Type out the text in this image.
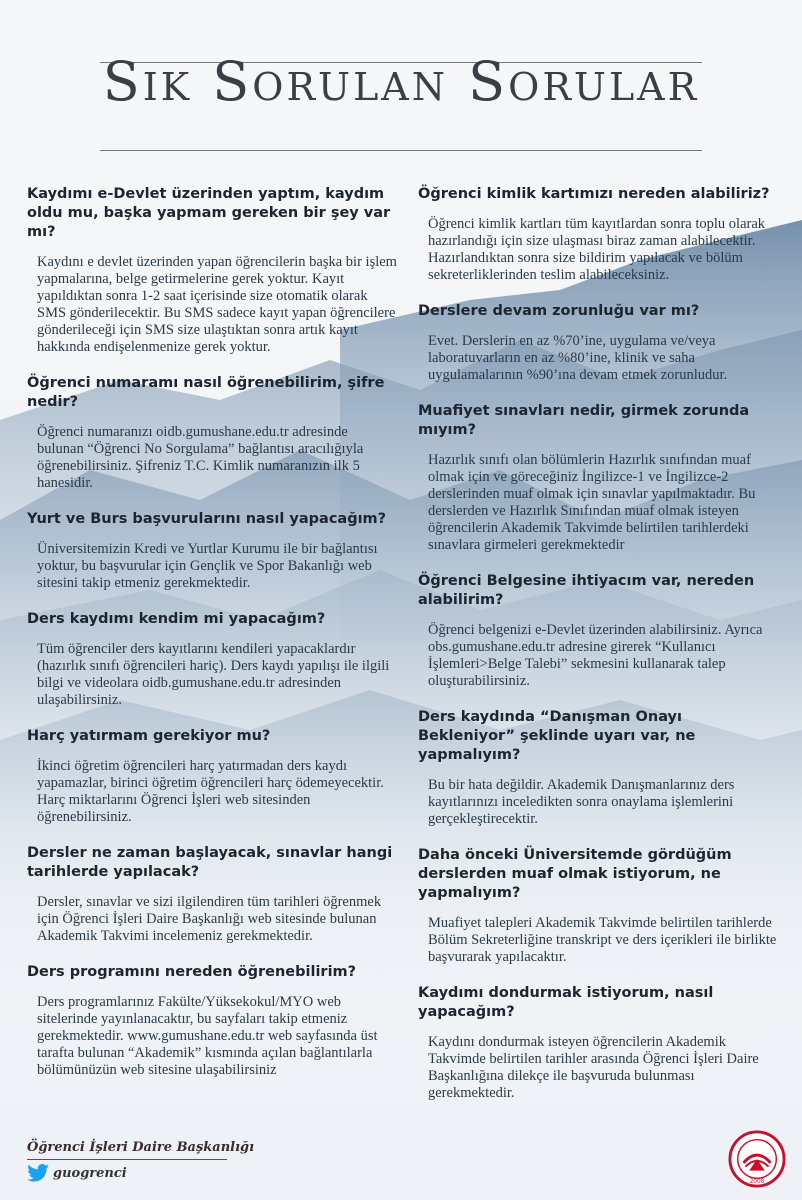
Sık Sorulan Sorular

Kaydımı e-Devlet üzerinden yaptım, kaydım oldu mu, başka yapmam gereken bir şey var mı?

Kaydını e devlet üzerinden yapan öğrencilerin başka bir işlem yapmalarına, belge getirmelerine gerek yoktur. Kayıt yapıldıktan sonra 1-2 saat içerisinde size otomatik olarak SMS gönderilecektir. Bu SMS sadece kayıt yapan öğrencilere gönderileceği için SMS size ulaştıktan sonra artık kayıt hakkında endişelenmenize gerek yoktur.

Öğrenci numaramı nasıl öğrenebilirim, şifre nedir?

Öğrenci numaranızı oidb.gumushane.edu.tr adresinde bulunan “Öğrenci No Sorgulama” bağlantısı aracılığıyla öğrenebilirsiniz. Şifreniz T.C. Kimlik numaranızın ilk 5 hanesidir.

Yurt ve Burs başvurularını nasıl yapacağım?

Üniversitemizin Kredi ve Yurtlar Kurumu ile bir bağlantısı yoktur, bu başvurular için Gençlik ve Spor Bakanlığı web sitesini takip etmeniz gerekmektedir.

Ders kaydımı kendim mi yapacağım?

Tüm öğrenciler ders kayıtlarını kendileri yapacaklardır (hazırlık sınıfı öğrencileri hariç). Ders kaydı yapılışı ile ilgili bilgi ve videolara oidb.gumushane.edu.tr adresinden ulaşabilirsiniz.

Harç yatırmam gerekiyor mu?

İkinci öğretim öğrencileri harç yatırmadan ders kaydı yapamazlar, birinci öğretim öğrencileri harç ödemeyecektir. Harç miktarlarını Öğrenci İşleri web sitesinden öğrenebilirsiniz.

Dersler ne zaman başlayacak, sınavlar hangi tarihlerde yapılacak?

Dersler, sınavlar ve sizi ilgilendiren tüm tarihleri öğrenmek için Öğrenci İşleri Daire Başkanlığı web sitesinde bulunan Akademik Takvimi incelemeniz gerekmektedir.

Ders programını nereden öğrenebilirim?

Ders programlarınız Fakülte/Yüksekokul/MYO web sitelerinde yayınlanacaktır, bu sayfaları takip etmeniz gerekmektedir. www.gumushane.edu.tr web sayfasında üst tarafta bulunan “Akademik” kısmında açılan bağlantılarla bölümünüzün web sitesine ulaşabilirsiniz

Öğrenci kimlik kartımızı nereden alabiliriz?

Öğrenci kimlik kartları tüm kayıtlardan sonra toplu olarak hazırlandığı için size ulaşması biraz zaman alabilecektir. Hazırlandıktan sonra size bildirim yapılacak ve bölüm sekreterliklerinden teslim alabileceksiniz.

Derslere devam zorunluğu var mı?

Evet. Derslerin en az %70’ine, uygulama ve/veya laboratuvarların en az %80’ine, klinik ve saha uygulamalarının %90’ına devam etmek zorunludur.

Muafiyet sınavları nedir, girmek zorunda mıyım?

Hazırlık sınıfı olan bölümlerin Hazırlık sınıfından muaf olmak için ve göreceğiniz İngilizce-1 ve İngilizce-2 derslerinden muaf olmak için sınavlar yapılmaktadır. Bu derslerden ve Hazırlık Sınıfından muaf olmak isteyen öğrencilerin Akademik Takvimde belirtilen tarihlerdeki sınavlara girmeleri gerekmektedir

Öğrenci Belgesine ihtiyacım var, nereden alabilirim?

Öğrenci belgenizi e-Devlet üzerinden alabilirsiniz. Ayrıca obs.gumushane.edu.tr adresine girerek “Kullanıcı İşlemleri>Belge Talebi” sekmesini kullanarak talep oluşturabilirsiniz.

Ders kaydında “Danışman Onayı Bekleniyor” şeklinde uyarı var, ne yapmalıyım?

Bu bir hata değildir. Akademik Danışmanlarınız ders kayıtlarınızı inceledikten sonra onaylama işlemlerini gerçekleştirecektir.

Daha önceki Üniversitemde gördüğüm derslerden muaf olmak istiyorum, ne yapmalıyım?

Muafiyet talepleri Akademik Takvimde belirtilen tarihlerde Bölüm Sekreterliğine transkript ve ders içerikleri ile birlikte başvurarak yapılacaktır.

Kaydımı dondurmak istiyorum, nasıl yapacağım?

Kaydını dondurmak isteyen öğrencilerin Akademik Takvimde belirtilen tarihler arasında Öğrenci İşleri Daire Başkanlığına dilekçe ile başvuruda bulunması gerekmektedir.

Öğrenci İşleri Daire Başkanlığı
guogrenci
2008
